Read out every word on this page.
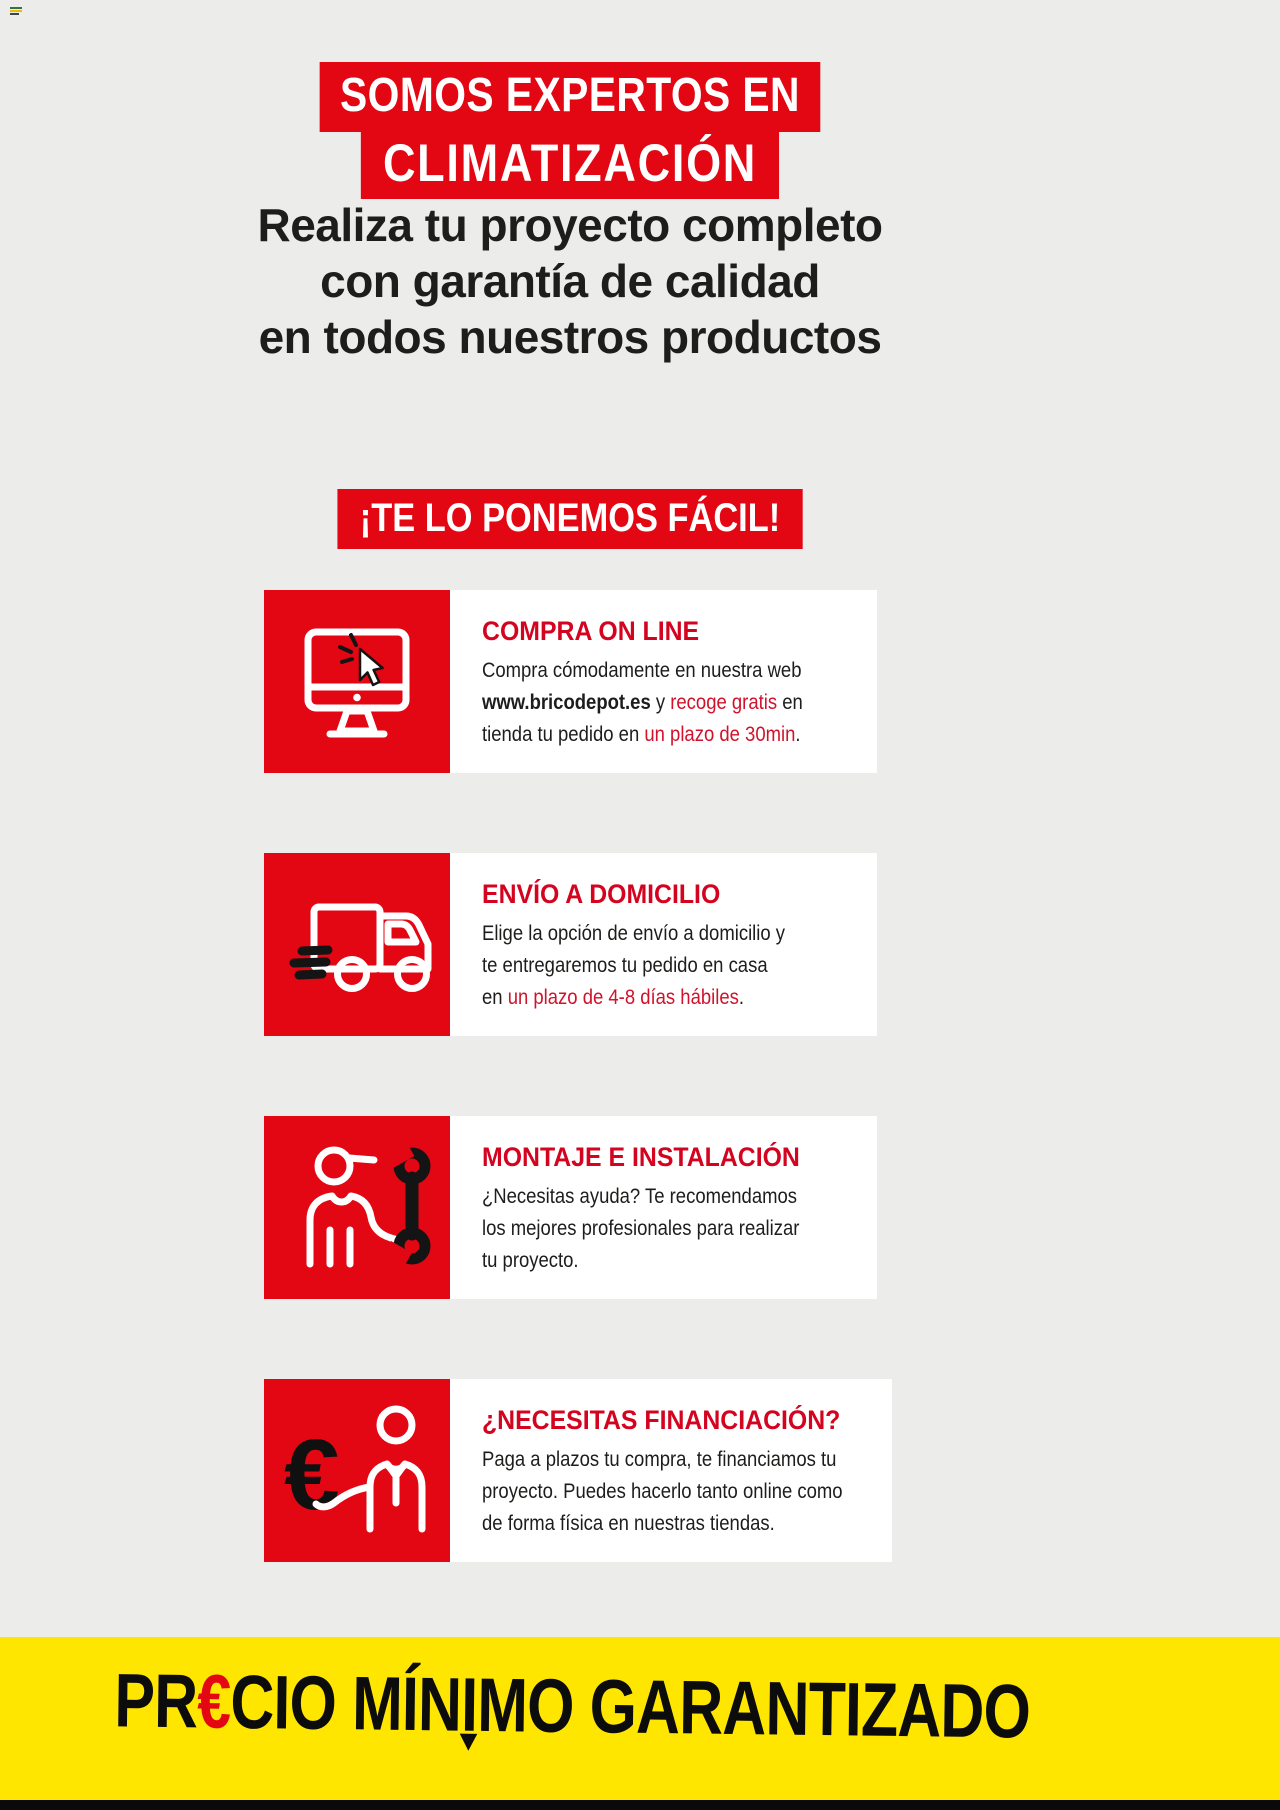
SOMOS EXPERTOS EN
CLIMATIZACIÓN
Realiza tu proyecto completo
con garantía de calidad
en todos nuestros productos
¡TE LO PONEMOS FÁCIL!
COMPRA ON LINE
Compra cómodamente en nuestra web
www.bricodepot.es y recoge gratis en
tienda tu pedido en un plazo de 30min.
ENVÍO A DOMICILIO
Elige la opción de envío a domicilio y
te entregaremos tu pedido en casa
en un plazo de 4-8 días hábiles.
MONTAJE E INSTALACIÓN
¿Necesitas ayuda? Te recomendamos
los mejores profesionales para realizar
tu proyecto.
€	¿NECESITAS FINANCIACIÓN?
Paga a plazos tu compra, te financiamos tu
proyecto. Puedes hacerlo tanto online como
de forma física en nuestras tiendas.
PR€CIO MÍNIMO GARANTIZADO
